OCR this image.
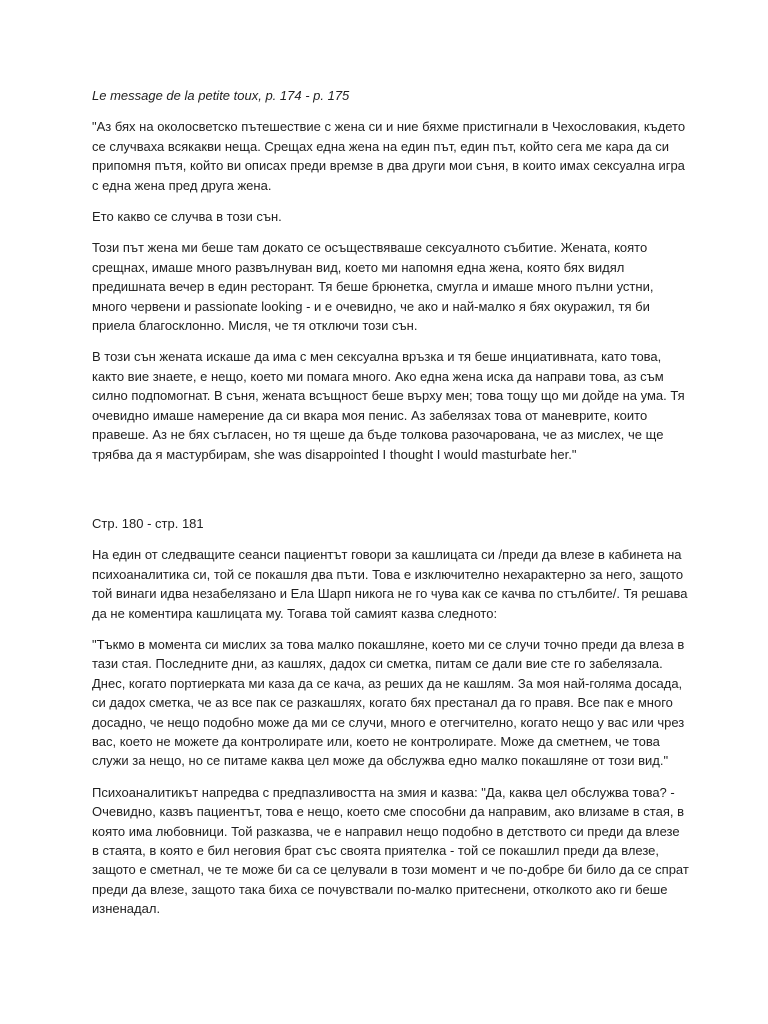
Le message de la petite toux, p. 174 - p. 175

"Аз бях на околосветско пътешествие с жена си и ние бяхме пристигнали в Чехословакия, където се случваха всякакви неща. Срещах една жена на един път, един път, който сега ме кара да си припомня пътя, който ви описах преди времзе в два други мои съня, в които имах сексуална игра с една жена пред друга жена.

Ето какво се случва в този сън.

Този път жена ми беше там докато се осъществяваше сексуалното събитие. Жената, която срещнах, имаше много развълнуван вид, което ми напомня една жена, която бях видял предишната вечер в един ресторант. Тя беше брюнетка, смугла и имаше много пълни устни, много червени и passionate looking - и е очевидно, че ако и най-малко я бях окуражил, тя би приела благосклонно. Мисля, че тя отключи този сън.

В този сън жената искаше да има с мен сексуална връзка и тя беше инциативната, като това, както вие знаете, е нещо, което ми помага много. Ако една жена иска да направи това, аз съм силно подпомогнат. В съня, жената всъщност беше върху мен; това тощу що ми дойде на ума. Тя очевидно имаше намерение да си вкара моя пенис. Аз забелязах това от маневрите, които правеше. Аз не бях съгласен, но тя щеше да бъде толкова разочарована, че аз мислех, че ще трябва да я мастурбирам, she was disappointed I thought I would masturbate her."

Стр. 180 - стр. 181

На един от следващите сеанси пациентът говори за кашлицата си /преди да влезе в кабинета на психоаналитика си, той се покашля два пъти. Това е изключително нехарактерно за него, защото той винаги идва незабелязано и Ела Шарп никога не го чува как се качва по стълбите/. Тя решава да не коментира кашлицата му. Тогава той самият казва следното:

"Тъкмо в момента си мислих за това малко покашляне, което ми се случи точно преди да влеза в тази стая. Последните дни, аз кашлях, дадох си сметка, питам се дали вие сте го забелязала. Днес, когато портиерката ми каза да се кача, аз реших да не кашлям. За моя най-голяма досада, си дадох сметка, че аз все пак се разкашлях, когато бях престанал да го правя. Все пак е много досадно, че нещо подобно може да ми се случи, много е отегчително, когато нещо у вас или чрез вас, което не можете да контролирате или, което не контролирате. Може да сметнем, че това служи за нещо, но се питаме каква цел може да обслужва едно малко покашляне от този вид."

Психоаналитикът напредва с предпазливостта на змия и казва: "Да, каква цел обслужва това? - Очевидно, казвъ пациентът, това е нещо, което сме способни да направим, ако влизаме в стая, в която има любовници. Той разказва, че е направил нещо подобно в детството си преди да влезе в стаята, в която е бил неговия брат със своята приятелка - той се покашлил преди да влезе, защото е сметнал, че те може би са се целували в този момент и че по-добре би било да се спрат преди да влезе, защото така биха се почувствали по-малко притеснени, отколкото ако ги беше изненадал.
